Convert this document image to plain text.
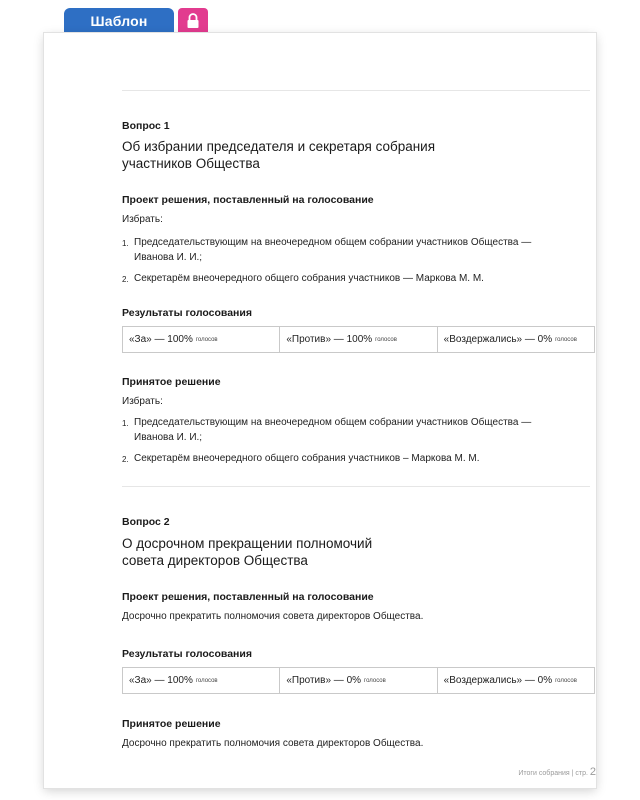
Шаблон
Вопрос 1
Об избрании председателя и секретаря собрания
участников Общества
Проект решения, поставленный на голосование
Избрать:
1. Председательствующим на внеочередном общем собрании участников Общества —
Иванова И. И.;
2. Секретарём внеочередного общего собрания участников — Маркова М. М.
Результаты голосования
«За» — 100% голосов	«Против» — 100% голосов	«Воздержались» — 0% голосов
Принятое решение
Избрать:
1. Председательствующим на внеочередном общем собрании участников Общества —
Иванова И. И.;
2. Секретарём внеочередного общего собрания участников – Маркова М. М.
Вопрос 2
О досрочном прекращении полномочий
совета директоров Общества
Проект решения, поставленный на голосование
Досрочно прекратить полномочия совета директоров Общества.
Результаты голосования
«За» — 100% голосов	«Против» — 0% голосов	«Воздержались» — 0% голосов
Принятое решение
Досрочно прекратить полномочия совета директоров Общества.
Итоги собрания | стр. 2
